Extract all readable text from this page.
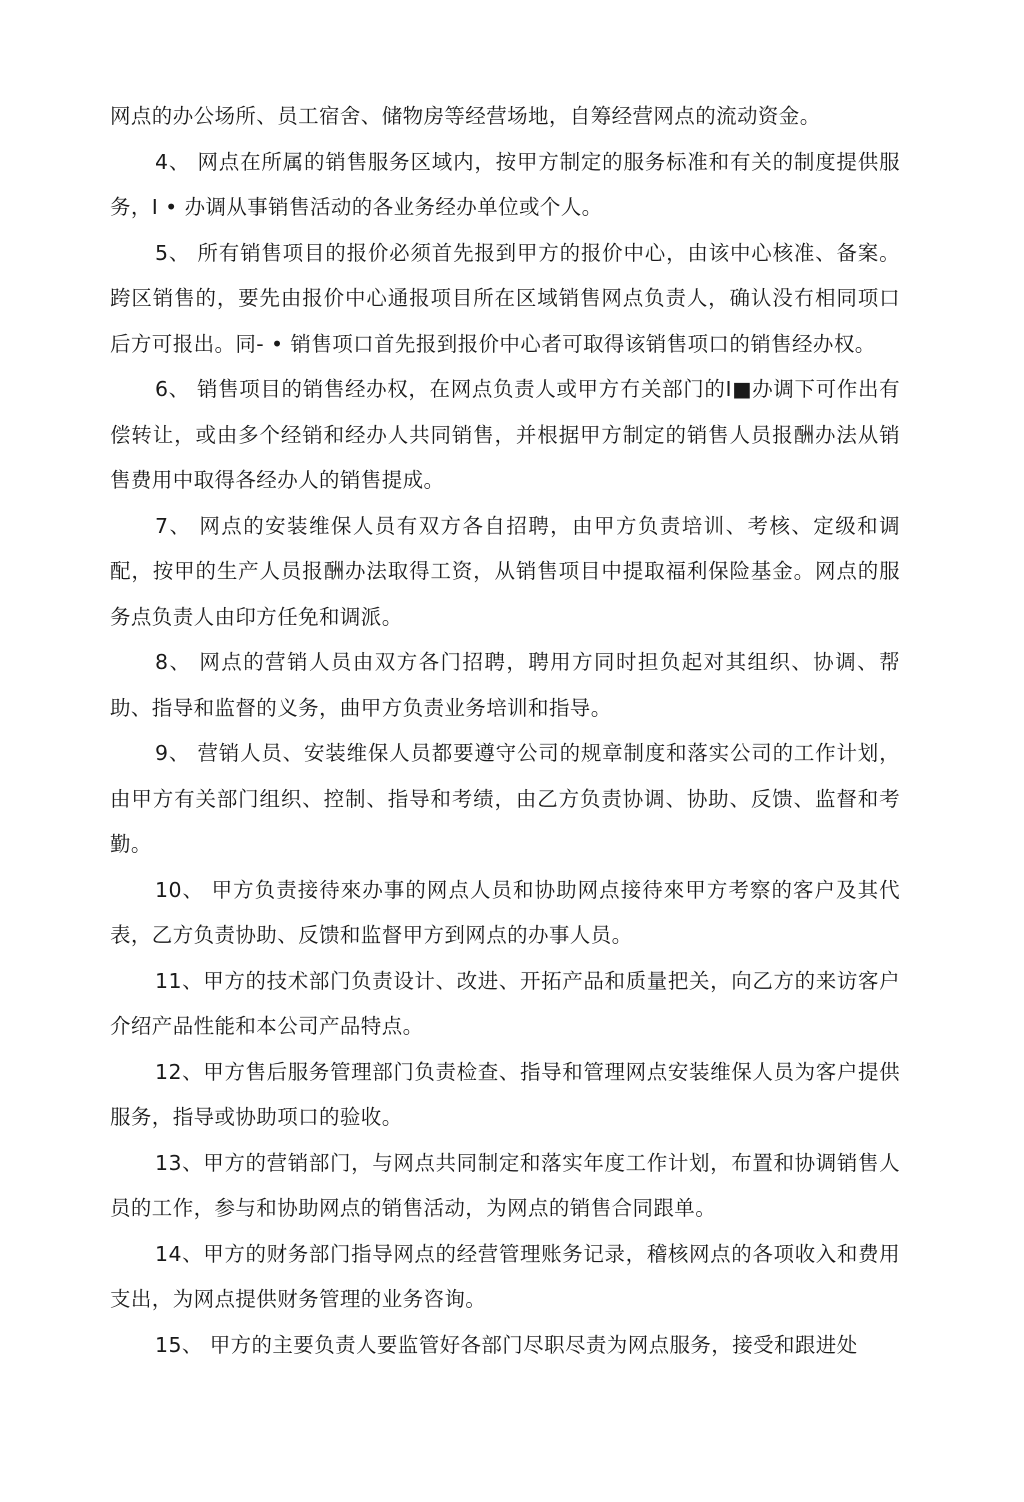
网点的办公场所、员工宿舍、储物房等经营场地，自筹经营网点的流动资金。

4、 网点在所属的销售服务区域内，按甲方制定的服务标准和有关的制度提供服务，I • 办调从事销售活动的各业务经办单位或个人。

5、 所有销售项目的报价必须首先报到甲方的报价中心，由该中心核准、备案。跨区销售的，要先由报价中心通报项目所在区域销售网点负责人，确认没冇相同项口后方可报出。同- • 销售项口首先报到报价中心者可取得该销售项口的销售经办权。

6、 销售项目的销售经办权，在网点负责人或甲方冇关部门的I■办调下可作出有偿转让，或由多个经销和经办人共同销售，并根据甲方制定的销售人员报酬办法从销售费用中取得各经办人的销售提成。

7、 网点的安装维保人员有双方各自招聘，由甲方负责培训、考核、定级和调配，按甲的生产人员报酬办法取得工资，从销售项目中提取福利保险基金。网点的服务点负责人由印方任免和调派。

8、 网点的营销人员由双方各门招聘，聘用方同时担负起对其组织、协调、帮助、指导和监督的义务，曲甲方负责业务培训和指导。

9、 营销人员、安装维保人员都要遵守公司的规章制度和落实公司的工作计划，由甲方有关部门组织、控制、指导和考绩，由乙方负责协调、协助、反馈、监督和考勤。

10、 甲方负责接待來办事的网点人员和协助网点接待來甲方考察的客户及其代表，乙方负责协助、反馈和监督甲方到网点的办事人员。

11、甲方的技术部门负责设计、改进、开拓产品和质量把关，向乙方的来访客户介绍产品性能和本公司产品特点。

12、甲方售后服务管理部门负责检查、指导和管理网点安装维保人员为客户提供服务，指导或协助项口的验收。

13、甲方的营销部门，与网点共同制定和落实年度工作计划，布置和协调销售人员的工作，参与和协助网点的销售活动，为网点的销售合同跟单。

14、甲方的财务部门指导网点的经营管理账务记录，稽核网点的各项收入和费用支出，为网点提供财务管理的业务咨询。

15、 甲方的主要负责人要监管好各部门尽职尽责为网点服务，接受和跟进处
